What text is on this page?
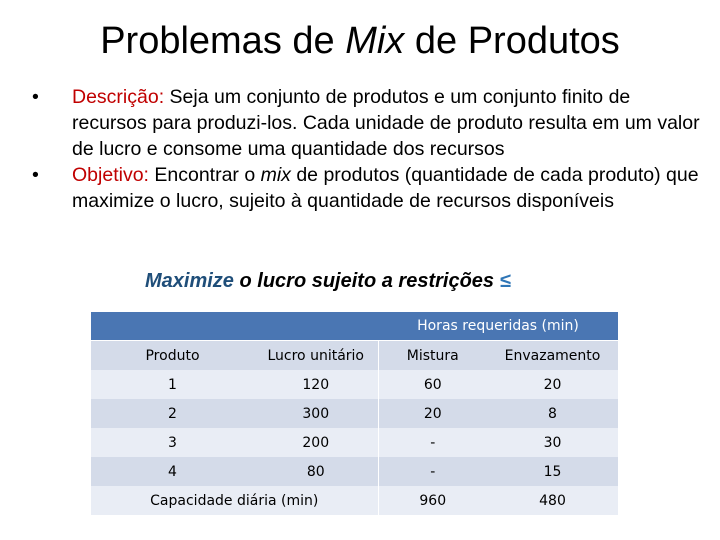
Problemas de Mix de Produtos
•	Descrição: Seja um conjunto de produtos e um conjunto finito de recursos para produzi-los. Cada unidade de produto resulta em um valor de lucro e consome uma quantidade dos recursos
•	Objetivo: Encontrar o mix de produtos (quantidade de cada produto) que maximize o lucro, sujeito à quantidade de recursos disponíveis
Maximize o lucro sujeito a restrições ≤
		Horas requeridas (min)	
Produto	Lucro unitário	Mistura	Envazamento
1	120	60	20
2	300	20	8
3	200	-	30
4	80	-	15
Capacidade diária (min)		960	480
